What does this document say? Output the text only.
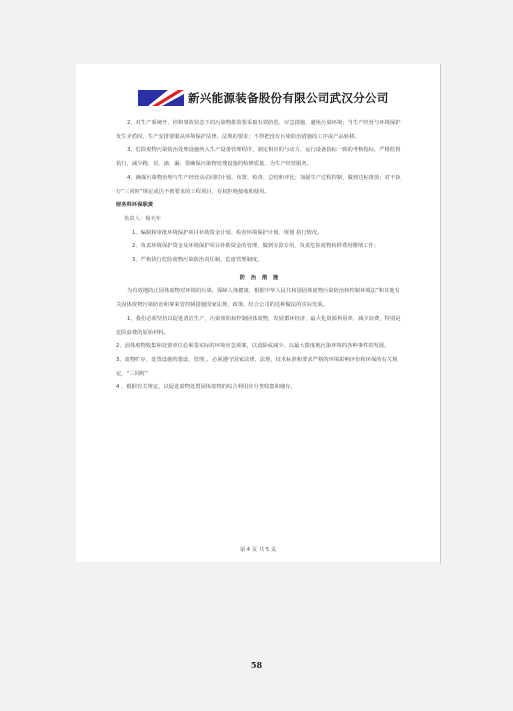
新兴能源装备股份有限公司武汉分公司

2、对生产系统开、停和事故状态下的污染物排放要采取有效防范、应急措施，避免污染环境；当生产经营与环境保护发生矛盾时，生产安排要服从环境保护法律、法规的要求；不得把没有污染防治措施的工序或产品转移。

3、危险废物污染防治处理设施纳入生产设备管理程序，制定相应的与动力、运行设备指标一致的考核指标，严格监督执行，减少跑、冒、滴、漏；要确保污染物处理设施的检修质量，为生产经营服务。

4、确保污染物治理与生产经营活动同时计划、布置、检查、总结和评比；加强生产过程控制，做到达标排放；对不执行“三同时”规定或达不到要求的工程项目，有权拒绝接收和使用。

财务科环保职责

负责人：杨天年

1、编制和审批环境保护项目补助资金计划、检查环境保护计划、规划 执行情况。

2、负责环境保护资金及环境保护项目补助资金的管理，做到专款专用，负责危险废物转移费用缴纳工作；

3、严格执行危险废物污染防治责任制、危废管理制度。

防 治 措 施

为有效地防止固体废物对环境的污染，保障人体健康，根据中华人民共和国固体废物污染防治和控制环境法”和其他有关固体废物污染防治和拿来管控制措施国家法规，政策，结合公司的这种做法的实际发展。

1，我们必须坚持以促进清洁生产，污染预防和控制固体废物，发展循环经济，最大化资源利用率，减少浪费，特别是危险浪费的原始材料。

2，固体废物收集和处置单位必须基实际的环境应急预案，以消除或减少，以最大限度地污染环境的各种事件的发展。

3，废物贮存，处置设施的建设，管理，，必须遵守国家法律，法规，技术标准和要求严格的环境影响评价和环保的有关规定，“三同时”

4 、根据有关规定，以促进废物处置固体废物的综合利用应分类收集和储存。

第 4 页 共 5 页
58
